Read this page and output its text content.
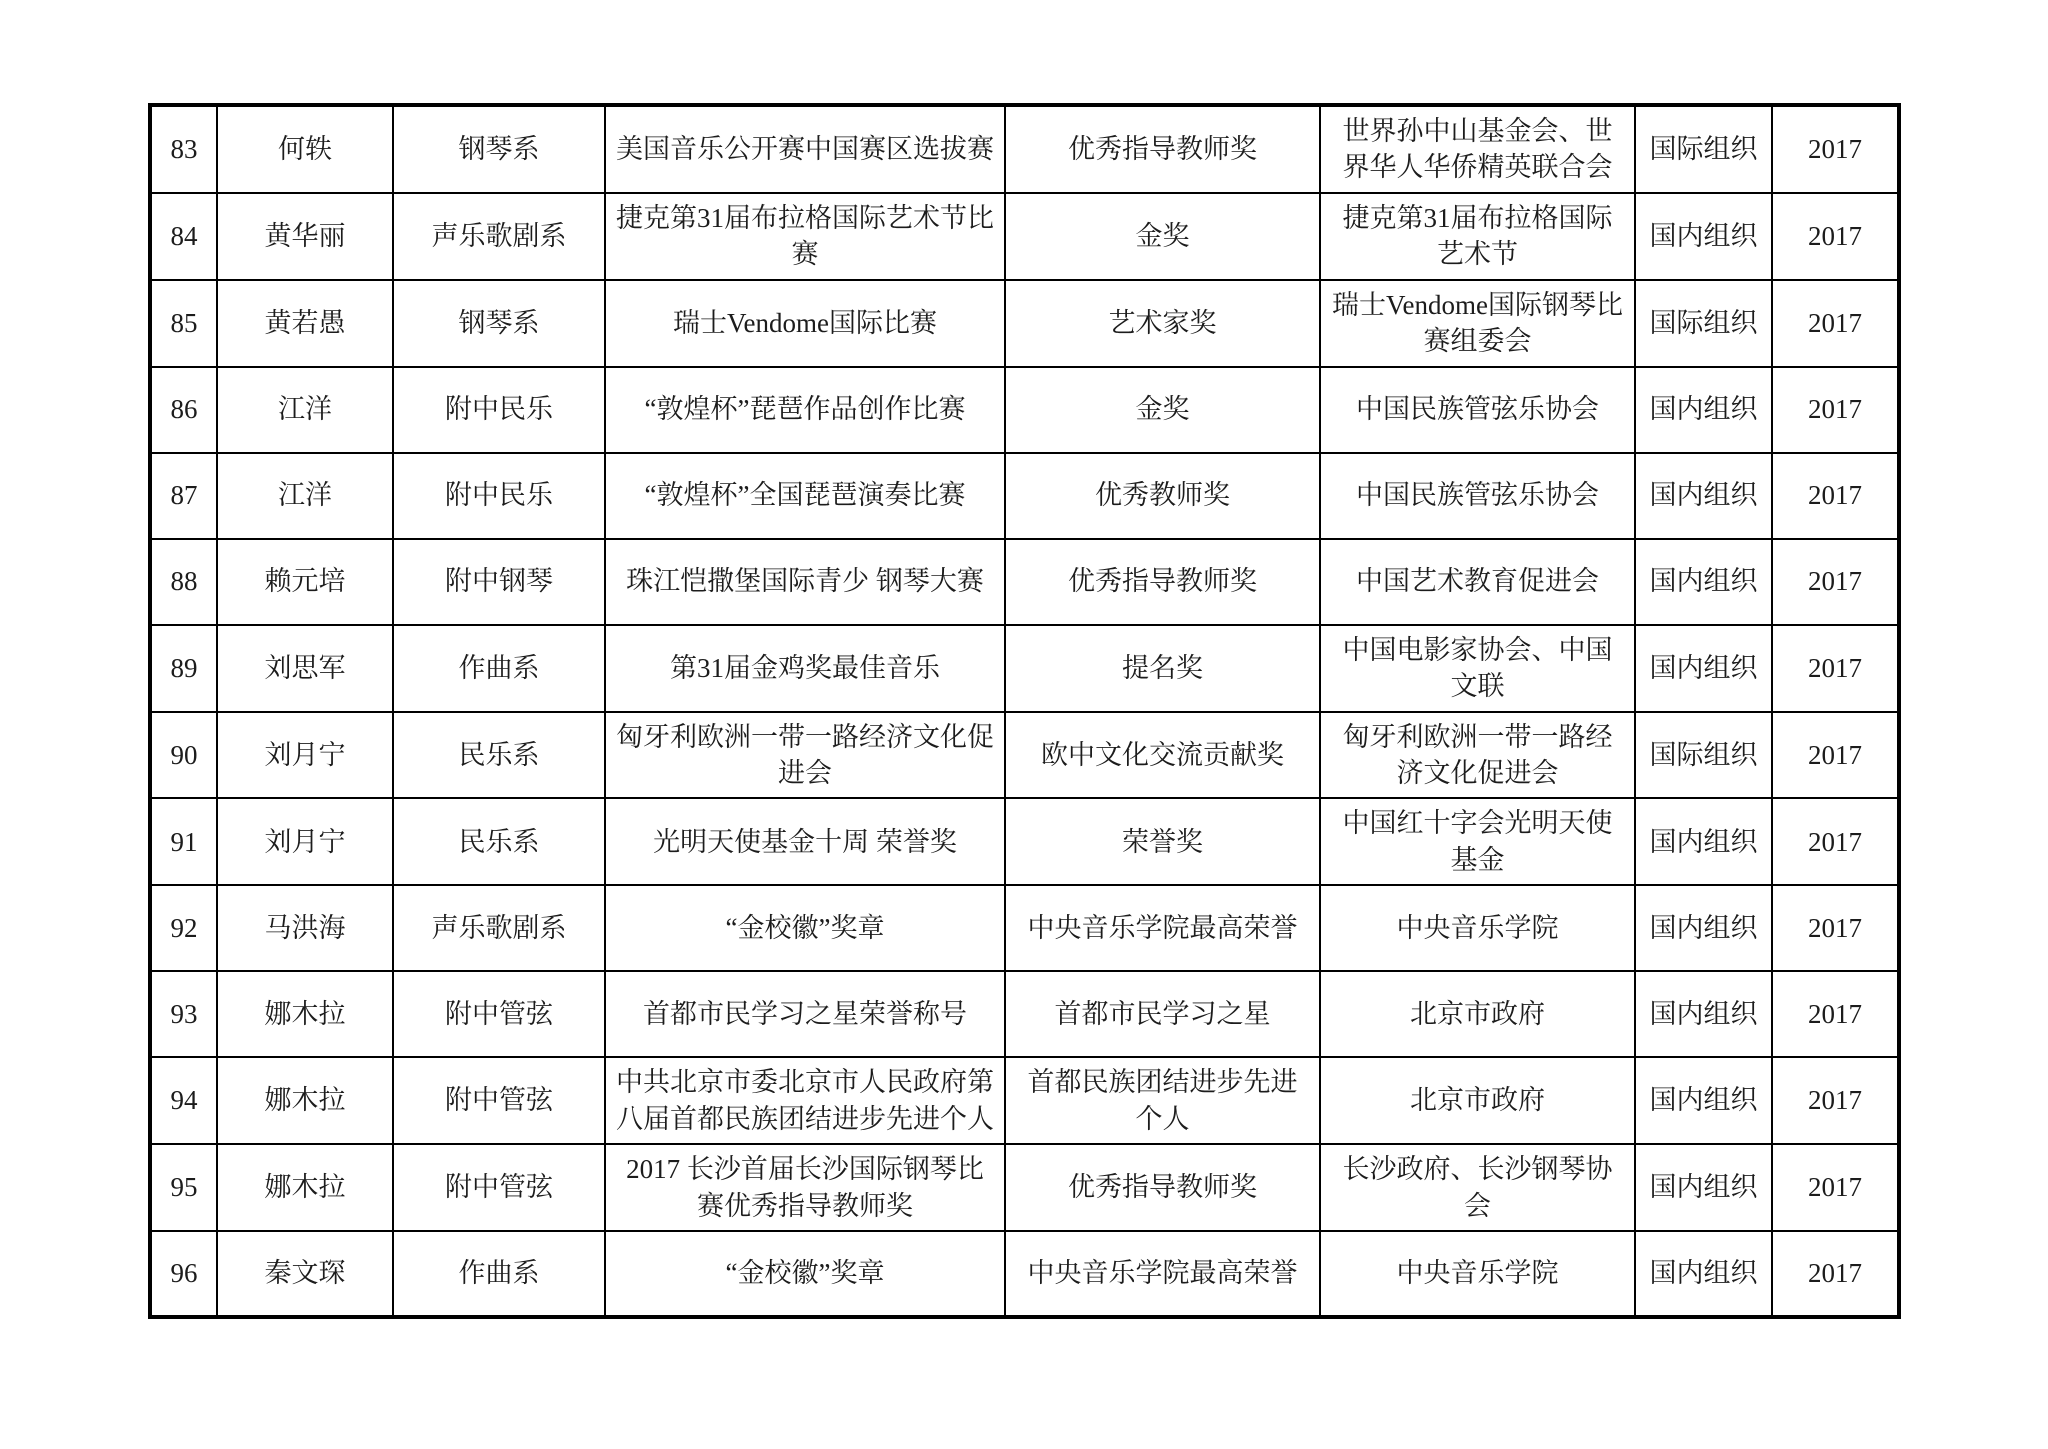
83	何轶	钢琴系	美国音乐公开赛中国赛区选拔赛	优秀指导教师奖	世界孙中山基金会、世界华人华侨精英联合会	国际组织	2017
84	黄华丽	声乐歌剧系	捷克第31届布拉格国际艺术节比赛	金奖	捷克第31届布拉格国际艺术节	国内组织	2017
85	黄若愚	钢琴系	瑞士Vendome国际比赛	艺术家奖	瑞士Vendome国际钢琴比赛组委会	国际组织	2017
86	江洋	附中民乐	“敦煌杯”琵琶作品创作比赛	金奖	中国民族管弦乐协会	国内组织	2017
87	江洋	附中民乐	“敦煌杯”全国琵琶演奏比赛	优秀教师奖	中国民族管弦乐协会	国内组织	2017
88	赖元培	附中钢琴	珠江恺撒堡国际青少 钢琴大赛	优秀指导教师奖	中国艺术教育促进会	国内组织	2017
89	刘思军	作曲系	第31届金鸡奖最佳音乐	提名奖	中国电影家协会、中国文联	国内组织	2017
90	刘月宁	民乐系	匈牙利欧洲一带一路经济文化促进会	欧中文化交流贡献奖	匈牙利欧洲一带一路经济文化促进会	国际组织	2017
91	刘月宁	民乐系	光明天使基金十周 荣誉奖	荣誉奖	中国红十字会光明天使基金	国内组织	2017
92	马洪海	声乐歌剧系	“金校徽”奖章	中央音乐学院最高荣誉	中央音乐学院	国内组织	2017
93	娜木拉	附中管弦	首都市民学习之星荣誉称号	首都市民学习之星	北京市政府	国内组织	2017
94	娜木拉	附中管弦	中共北京市委北京市人民政府第八届首都民族团结进步先进个人	首都民族团结进步先进个人	北京市政府	国内组织	2017
95	娜木拉	附中管弦	2017 长沙首届长沙国际钢琴比赛优秀指导教师奖	优秀指导教师奖	长沙政府、长沙钢琴协会	国内组织	2017
96	秦文琛	作曲系	“金校徽”奖章	中央音乐学院最高荣誉	中央音乐学院	国内组织	2017
